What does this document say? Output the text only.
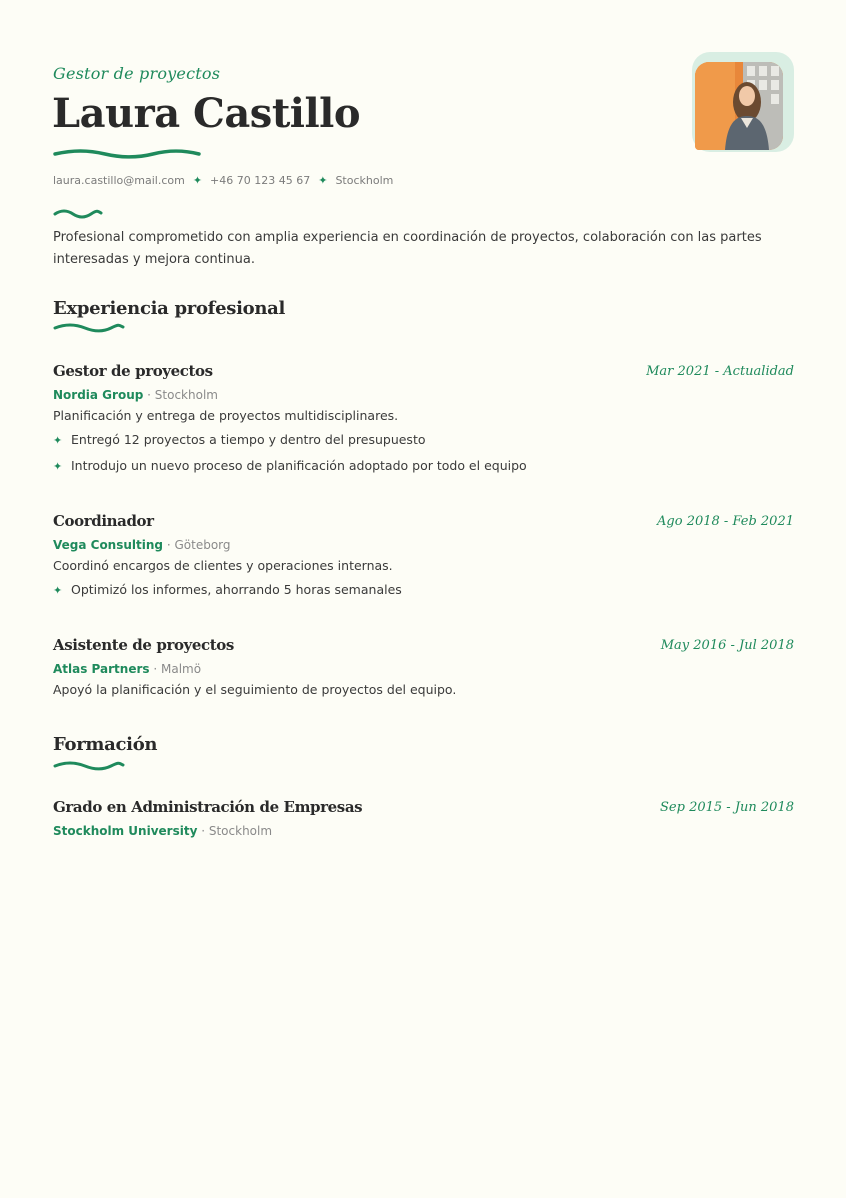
Gestor de proyectos
Laura Castillo
laura.castillo@mail.com ✦ +46 70 123 45 67 ✦ Stockholm
Profesional comprometido con amplia experiencia en coordinación de proyectos, colaboración con las partes interesadas y mejora continua.
Experiencia profesional
Gestor de proyectos	Mar 2021 - Actualidad
Nordia Group · Stockholm
Planificación y entrega de proyectos multidisciplinares.
✦ Entregó 12 proyectos a tiempo y dentro del presupuesto
✦ Introdujo un nuevo proceso de planificación adoptado por todo el equipo
Coordinador	Ago 2018 - Feb 2021
Vega Consulting · Göteborg
Coordinó encargos de clientes y operaciones internas.
✦ Optimizó los informes, ahorrando 5 horas semanales
Asistente de proyectos	May 2016 - Jul 2018
Atlas Partners · Malmö
Apoyó la planificación y el seguimiento de proyectos del equipo.
Formación
Grado en Administración de Empresas	Sep 2015 - Jun 2018
Stockholm University · Stockholm
